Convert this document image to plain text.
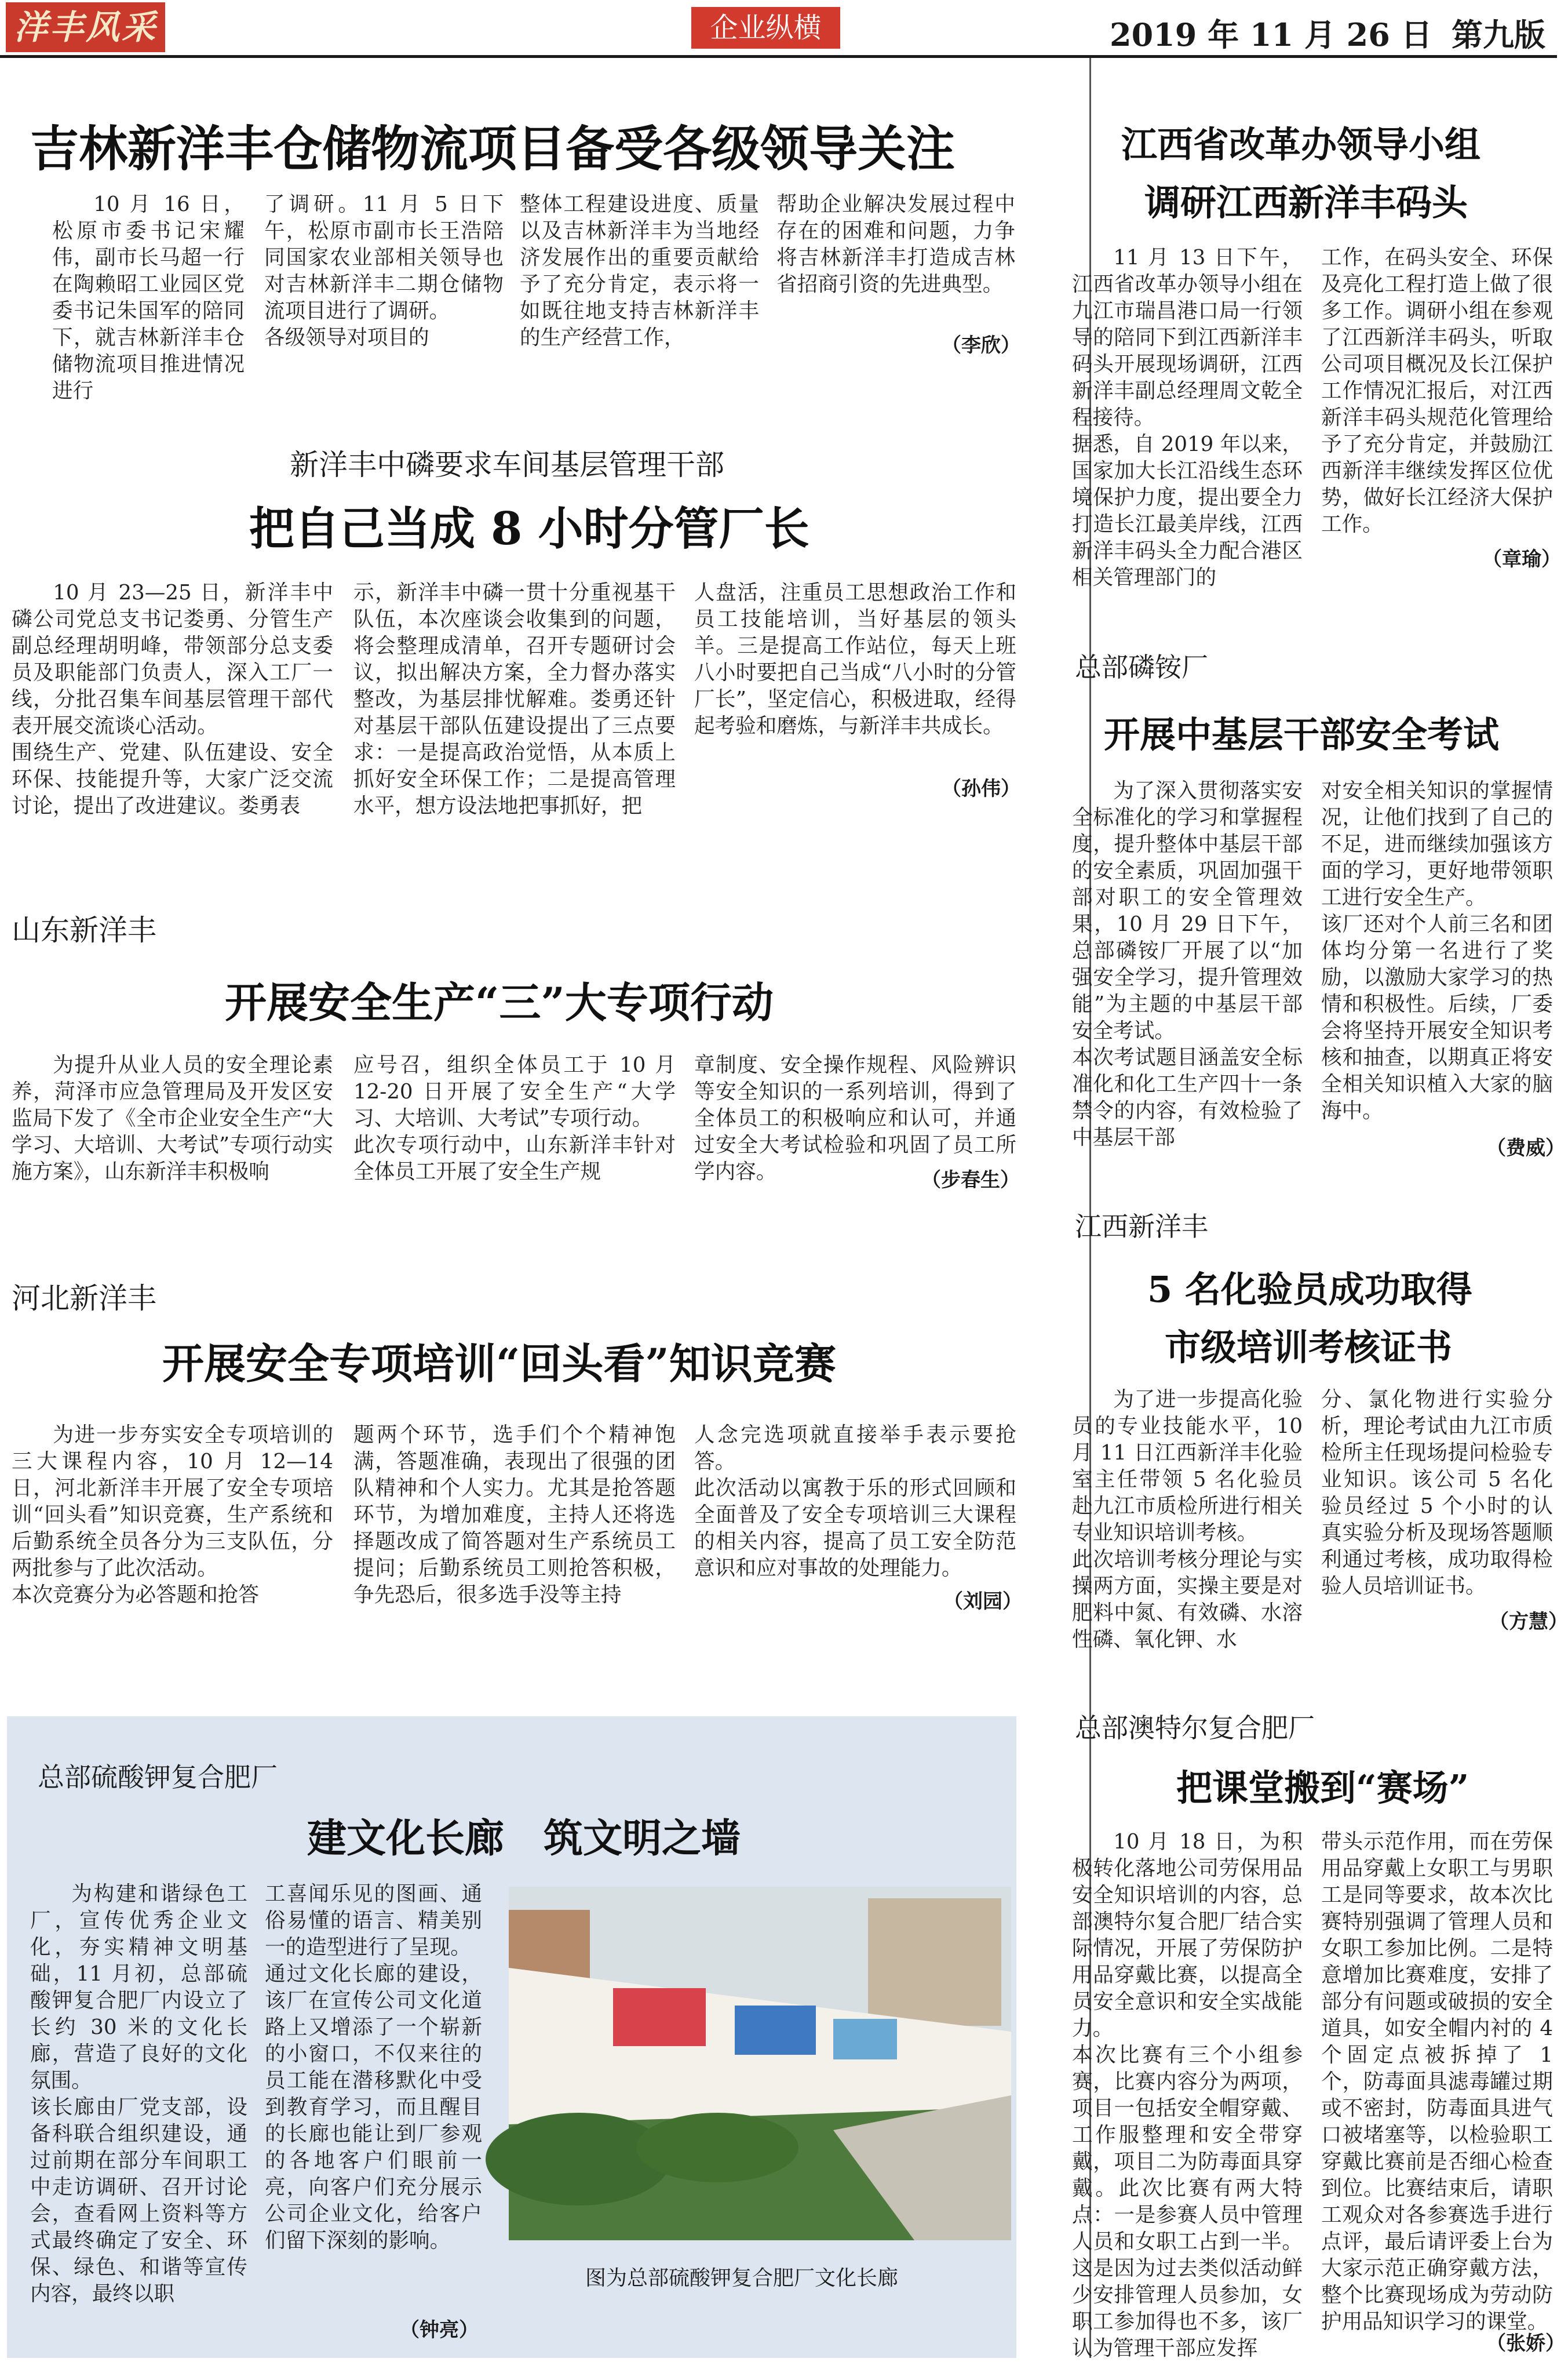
洋丰风采	企业纵横	2019 年 11 月 26 日 第九版
吉林新洋丰仓储物流项目备受各级领导关注

10 月 16 日，松原市委书记宋耀伟，副市长马超一行在陶赖昭工业园区党委书记朱国军的陪同下，就吉林新洋丰仓储物流项目推进情况进行

了调研。11 月 5 日下午，松原市副市长王浩陪同国家农业部相关领导也对吉林新洋丰二期仓储物流项目进行了调研。
各级领导对项目的

整体工程建设进度、质量以及吉林新洋丰为当地经济发展作出的重要贡献给予了充分肯定，表示将一如既往地支持吉林新洋丰的生产经营工作，

帮助企业解决发展过程中存在的困难和问题，力争将吉林新洋丰打造成吉林省招商引资的先进典型。

（李欣）
新洋丰中磷要求车间基层管理干部
把自己当成 8 小时分管厂长

10 月 23—25 日，新洋丰中磷公司党总支书记娄勇、分管生产副总经理胡明峰，带领部分总支委员及职能部门负责人，深入工厂一线，分批召集车间基层管理干部代表开展交流谈心活动。
围绕生产、党建、队伍建设、安全环保、技能提升等，大家广泛交流讨论，提出了改进建议。娄勇表

示，新洋丰中磷一贯十分重视基干队伍，本次座谈会收集到的问题，将会整理成清单，召开专题研讨会议，拟出解决方案，全力督办落实整改，为基层排忧解难。娄勇还针对基层干部队伍建设提出了三点要求：一是提高政治觉悟，从本质上抓好安全环保工作；二是提高管理水平，想方设法地把事抓好，把

人盘活，注重员工思想政治工作和员工技能培训，当好基层的领头羊。三是提高工作站位，每天上班八小时要把自己当成“八小时的分管厂长”，坚定信心，积极进取，经得起考验和磨炼，与新洋丰共成长。

（孙伟）
山东新洋丰
开展安全生产“三”大专项行动

为提升从业人员的安全理论素养，菏泽市应急管理局及开发区安监局下发了《全市企业安全生产“大学习、大培训、大考试”专项行动实施方案》，山东新洋丰积极响

应号召，组织全体员工于 10 月 12-20 日开展了安全生产“大学习、大培训、大考试”专项行动。
此次专项行动中，山东新洋丰针对全体员工开展了安全生产规

章制度、安全操作规程、风险辨识等安全知识的一系列培训，得到了全体员工的积极响应和认可，并通过安全大考试检验和巩固了员工所学内容。	（步春生）
河北新洋丰
开展安全专项培训“回头看”知识竞赛

为进一步夯实安全专项培训的三大课程内容，10 月 12—14 日，河北新洋丰开展了安全专项培训“回头看”知识竞赛，生产系统和后勤系统全员各分为三支队伍，分两批参与了此次活动。
本次竞赛分为必答题和抢答

题两个环节，选手们个个精神饱满，答题准确，表现出了很强的团队精神和个人实力。尤其是抢答题环节，为增加难度，主持人还将选择题改成了简答题对生产系统员工提问；后勤系统员工则抢答积极，争先恐后，很多选手没等主持

人念完选项就直接举手表示要抢答。
此次活动以寓教于乐的形式回顾和全面普及了安全专项培训三大课程的相关内容，提高了员工安全防范意识和应对事故的处理能力。

（刘园）
总部硫酸钾复合肥厂
建文化长廊　筑文明之墙

为构建和谐绿色工厂，宣传优秀企业文化，夯实精神文明基础，11 月初，总部硫酸钾复合肥厂内设立了长约 30 米的文化长廊，营造了良好的文化氛围。
该长廊由厂党支部，设备科联合组织建设，通过前期在部分车间职工中走访调研、召开讨论会，查看网上资料等方式最终确定了安全、环保、绿色、和谐等宣传内容，最终以职

工喜闻乐见的图画、通俗易懂的语言、精美别一的造型进行了呈现。
通过文化长廊的建设，该厂在宣传公司文化道路上又增添了一个崭新的小窗口，不仅来往的员工能在潜移默化中受到教育学习，而且醒目的长廊也能让到厂参观的各地客户们眼前一亮，向客户们充分展示公司企业文化，给客户们留下深刻的影响。

图为总部硫酸钾复合肥厂文化长廊
（钟亮）
江西省改革办领导小组
调研江西新洋丰码头

11 月 13 日下午，江西省改革办领导小组在九江市瑞昌港口局一行领导的陪同下到江西新洋丰码头开展现场调研，江西新洋丰副总经理周文乾全程接待。
据悉，自 2019 年以来，国家加大长江沿线生态环境保护力度，提出要全力打造长江最美岸线，江西新洋丰码头全力配合港区相关管理部门的

工作，在码头安全、环保及亮化工程打造上做了很多工作。调研小组在参观了江西新洋丰码头，听取公司项目概况及长江保护工作情况汇报后，对江西新洋丰码头规范化管理给予了充分肯定，并鼓励江西新洋丰继续发挥区位优势，做好长江经济大保护工作。

（章瑜）
总部磷铵厂
开展中基层干部安全考试

为了深入贯彻落实安全标准化的学习和掌握程度，提升整体中基层干部的安全素质，巩固加强干部对职工的安全管理效果，10 月 29 日下午，总部磷铵厂开展了以“加强安全学习，提升管理效能”为主题的中基层干部安全考试。
本次考试题目涵盖安全标准化和化工生产四十一条禁令的内容，有效检验了中基层干部

对安全相关知识的掌握情况，让他们找到了自己的不足，进而继续加强该方面的学习，更好地带领职工进行安全生产。
该厂还对个人前三名和团体均分第一名进行了奖励，以激励大家学习的热情和积极性。后续，厂委会将坚持开展安全知识考核和抽查，以期真正将安全相关知识植入大家的脑海中。

（费威）
江西新洋丰
5 名化验员成功取得
市级培训考核证书

为了进一步提高化验员的专业技能水平，10 月 11 日江西新洋丰化验室主任带领 5 名化验员赴九江市质检所进行相关专业知识培训考核。
此次培训考核分理论与实操两方面，实操主要是对肥料中氮、有效磷、水溶性磷、氧化钾、水

分、氯化物进行实验分析，理论考试由九江市质检所主任现场提问检验专业知识。该公司 5 名化验员经过 5 个小时的认真实验分析及现场答题顺利通过考核，成功取得检验人员培训证书。

（方慧）
总部澳特尔复合肥厂
把课堂搬到“赛场”

10 月 18 日，为积极转化落地公司劳保用品安全知识培训的内容，总部澳特尔复合肥厂结合实际情况，开展了劳保防护用品穿戴比赛，以提高全员安全意识和安全实战能力。
本次比赛有三个小组参赛，比赛内容分为两项，项目一包括安全帽穿戴、工作服整理和安全带穿戴，项目二为防毒面具穿戴。此次比赛有两大特点：一是参赛人员中管理人员和女职工占到一半。这是因为过去类似活动鲜少安排管理人员参加，女职工参加得也不多，该厂认为管理干部应发挥

带头示范作用，而在劳保用品穿戴上女职工与男职工是同等要求，故本次比赛特别强调了管理人员和女职工参加比例。二是特意增加比赛难度，安排了部分有问题或破损的安全道具，如安全帽内衬的 4 个固定点被拆掉了 1 个，防毒面具滤毒罐过期或不密封，防毒面具进气口被堵塞等，以检验职工穿戴比赛前是否细心检查到位。比赛结束后，请职工观众对各参赛选手进行点评，最后请评委上台为大家示范正确穿戴方法，整个比赛现场成为劳动防护用品知识学习的课堂。

（张娇）
